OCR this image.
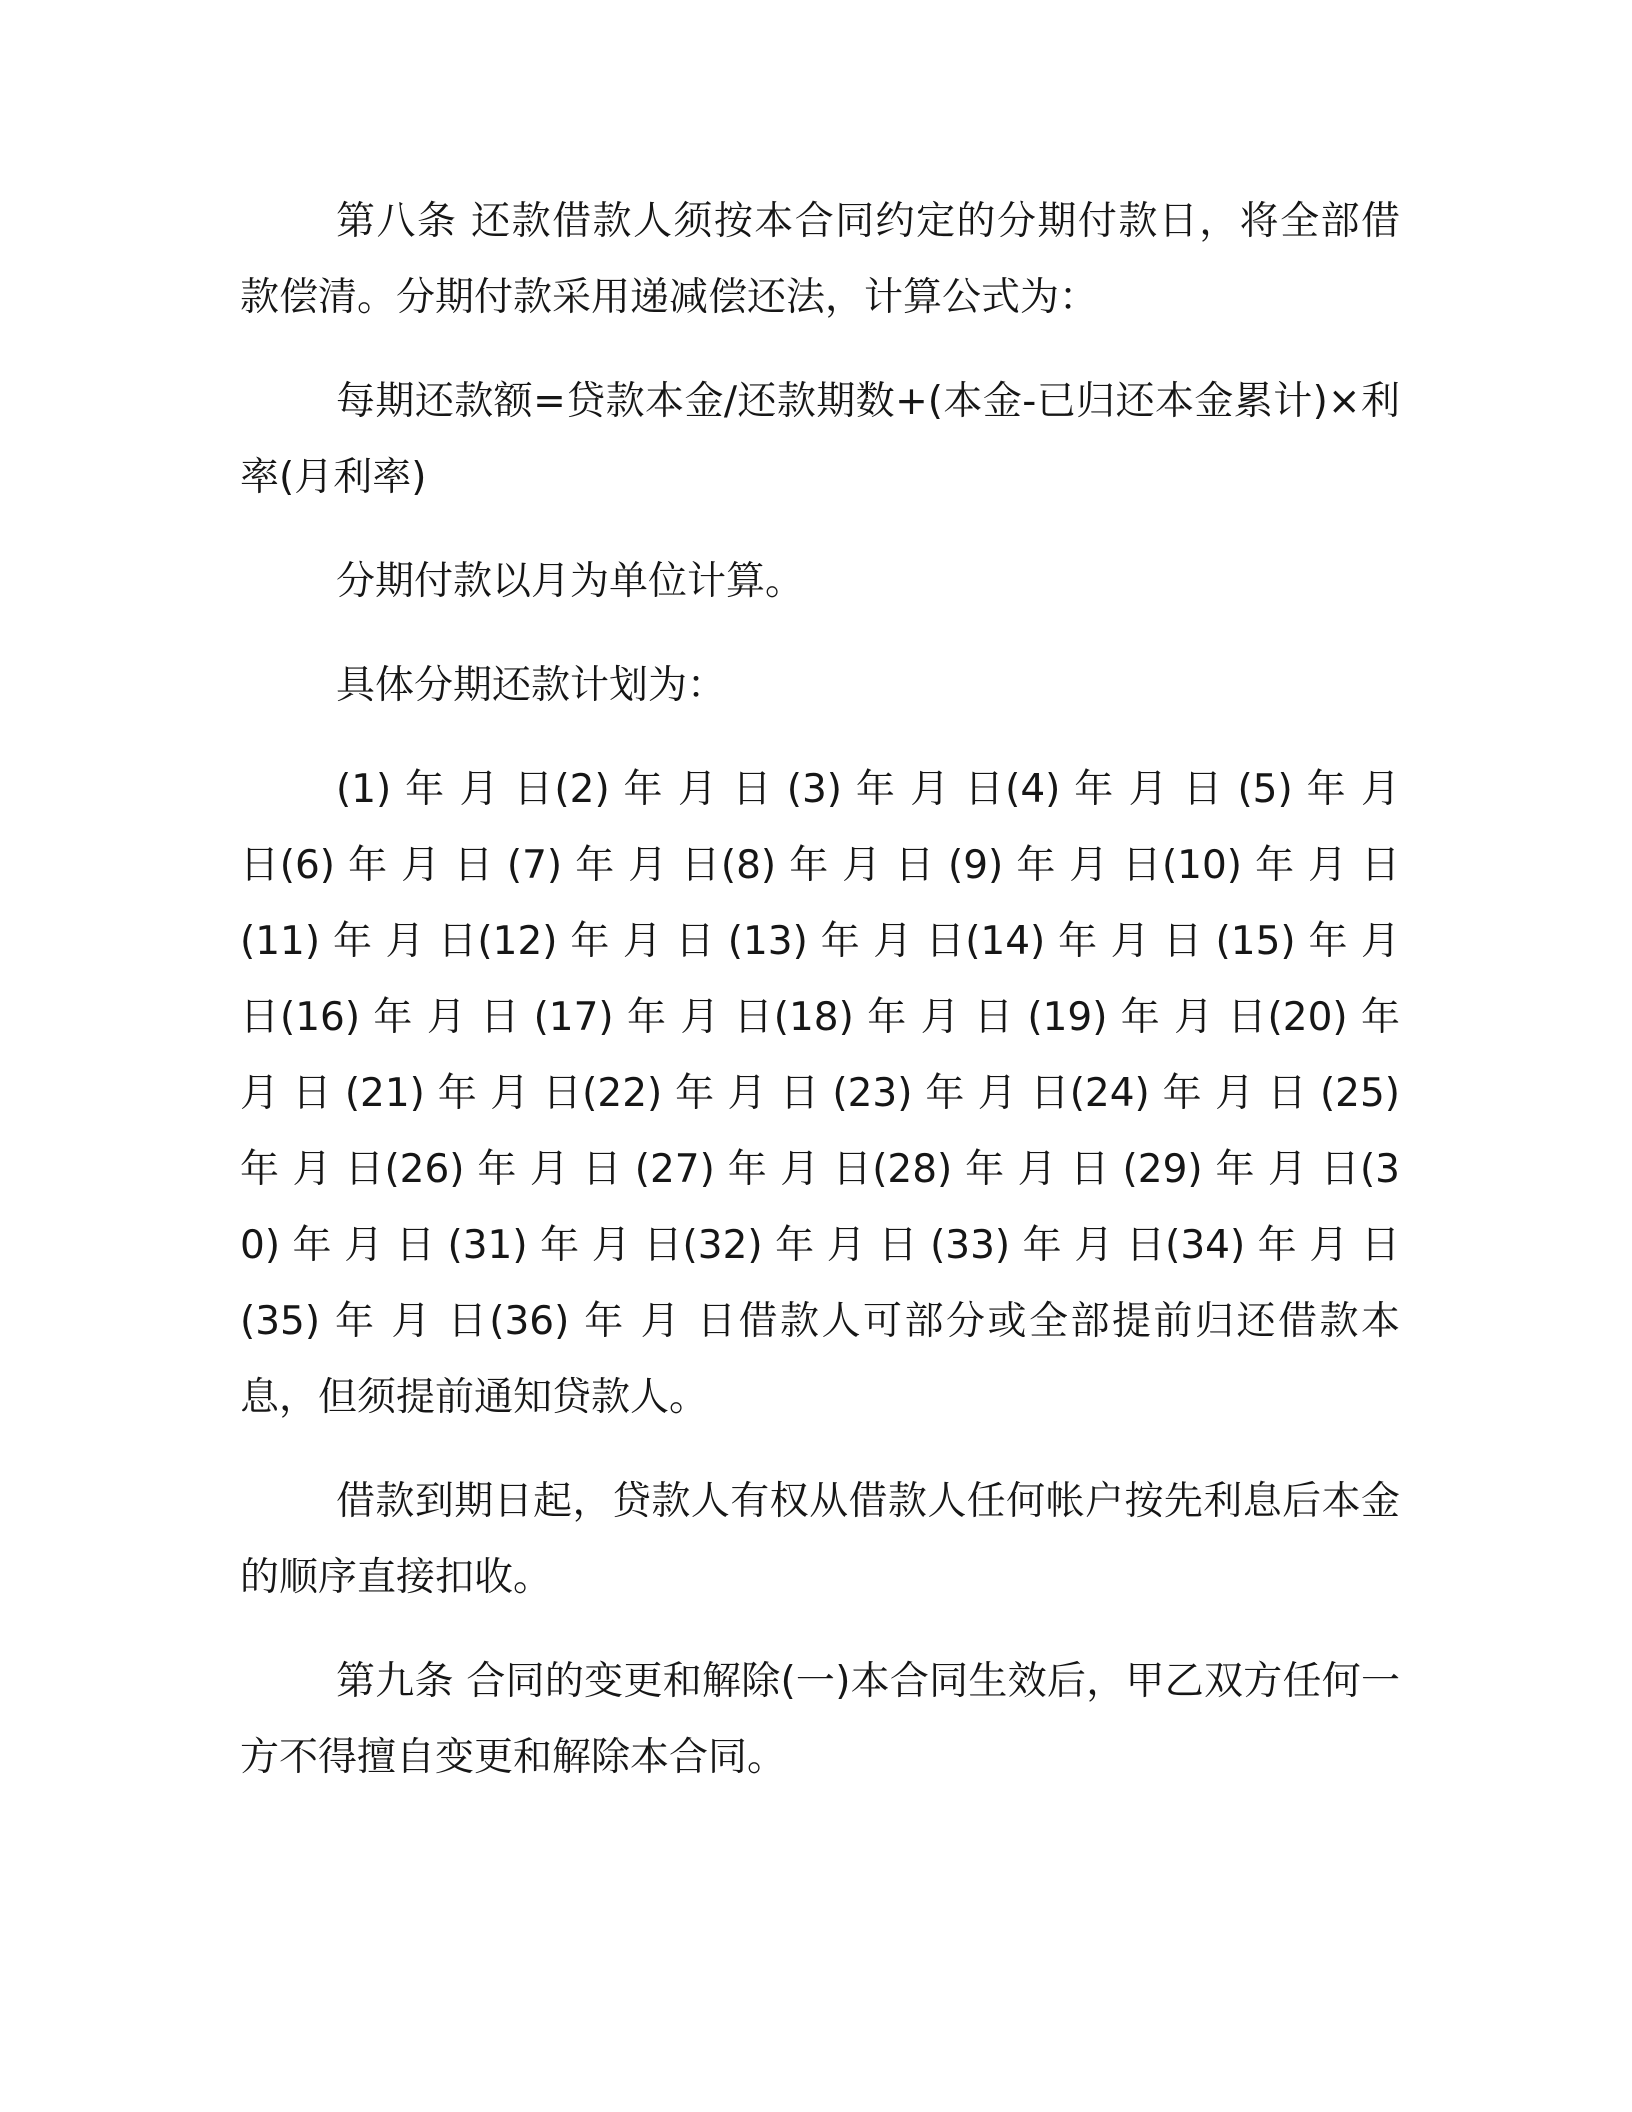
第八条 还款借款人须按本合同约定的分期付款日，将全部借款偿清。分期付款采用递减偿还法，计算公式为：

每期还款额=贷款本金/还款期数+(本金-已归还本金累计)×利率(月利率)

分期付款以月为单位计算。

具体分期还款计划为：

(1) 年 月 日(2) 年 月 日 (3) 年 月 日(4) 年 月 日 (5) 年 月 日(6) 年 月 日 (7) 年 月 日(8) 年 月 日 (9) 年 月 日(10) 年 月 日 (11) 年 月 日(12) 年 月 日 (13) 年 月 日(14) 年 月 日 (15) 年 月 日(16) 年 月 日 (17) 年 月 日(18) 年 月 日 (19) 年 月 日(20) 年 月 日 (21) 年 月 日(22) 年 月 日 (23) 年 月 日(24) 年 月 日 (25) 年 月 日(26) 年 月 日 (27) 年 月 日(28) 年 月 日 (29) 年 月 日(30) 年 月 日 (31) 年 月 日(32) 年 月 日 (33) 年 月 日(34) 年 月 日 (35) 年 月 日(36) 年 月 日借款人可部分或全部提前归还借款本息，但须提前通知贷款人。

借款到期日起，贷款人有权从借款人任何帐户按先利息后本金的顺序直接扣收。

第九条 合同的变更和解除(一)本合同生效后，甲乙双方任何一方不得擅自变更和解除本合同。
